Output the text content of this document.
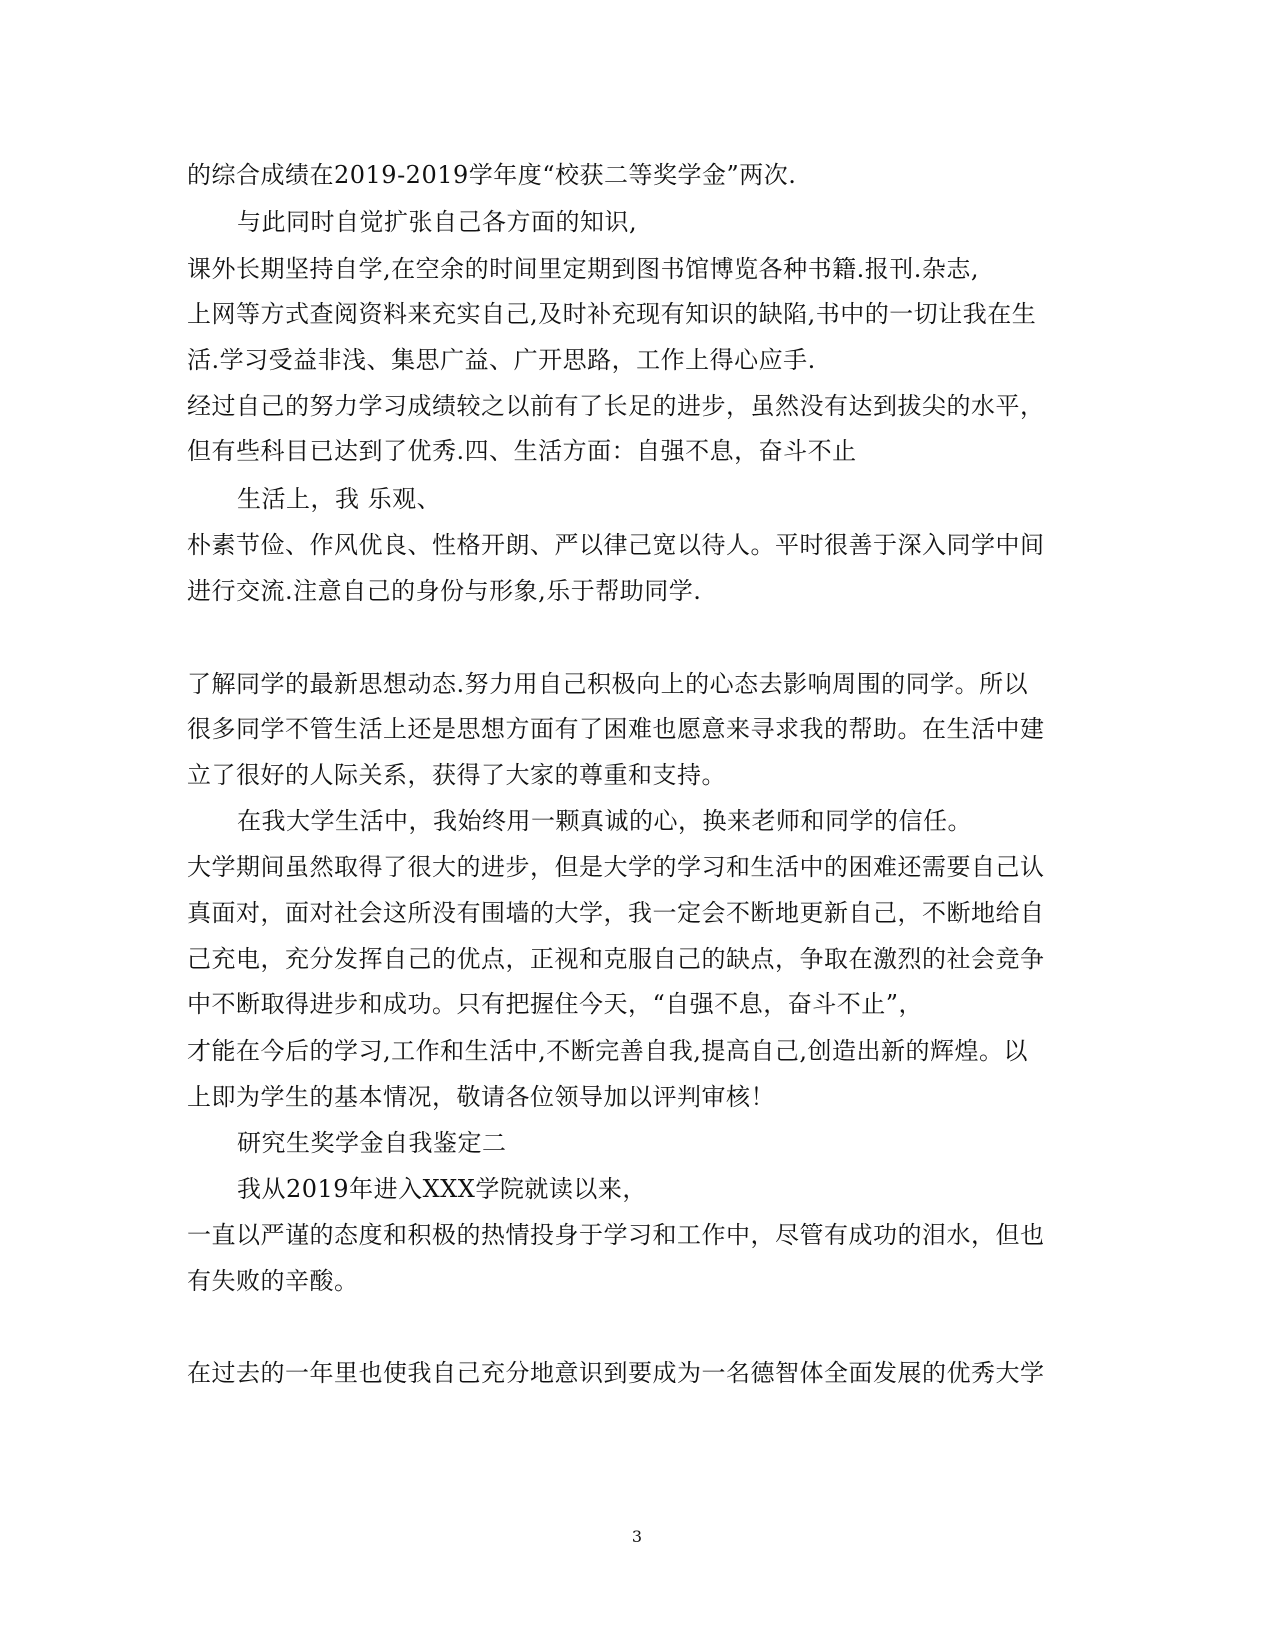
的综合成绩在2019-2019学年度“校获二等奖学金”两次.
与此同时自觉扩张自己各方面的知识,
课外长期坚持自学,在空余的时间里定期到图书馆博览各种书籍.报刊.杂志,
上网等方式查阅资料来充实自己,及时补充现有知识的缺陷,书中的一切让我在生
活.学习受益非浅、集思广益、广开思路，工作上得心应手.
经过自己的努力学习成绩较之以前有了长足的进步，虽然没有达到拔尖的水平，
但有些科目已达到了优秀.四、生活方面：自强不息，奋斗不止
生活上，我 乐观、
朴素节俭、作风优良、性格开朗、严以律己宽以待人。平时很善于深入同学中间
进行交流.注意自己的身份与形象,乐于帮助同学.
了解同学的最新思想动态.努力用自己积极向上的心态去影响周围的同学。所以
很多同学不管生活上还是思想方面有了困难也愿意来寻求我的帮助。在生活中建
立了很好的人际关系，获得了大家的尊重和支持。
在我大学生活中，我始终用一颗真诚的心，换来老师和同学的信任。
大学期间虽然取得了很大的进步，但是大学的学习和生活中的困难还需要自己认
真面对，面对社会这所没有围墙的大学，我一定会不断地更新自己，不断地给自
己充电，充分发挥自己的优点，正视和克服自己的缺点，争取在激烈的社会竞争
中不断取得进步和成功。只有把握住今天，“自强不息，奋斗不止”，
才能在今后的学习,工作和生活中,不断完善自我,提高自己,创造出新的辉煌。以
上即为学生的基本情况，敬请各位领导加以评判审核！
研究生奖学金自我鉴定二
我从2019年进入XXX学院就读以来，
一直以严谨的态度和积极的热情投身于学习和工作中，尽管有成功的泪水，但也
有失败的辛酸。
在过去的一年里也使我自己充分地意识到要成为一名德智体全面发展的优秀大学
3
